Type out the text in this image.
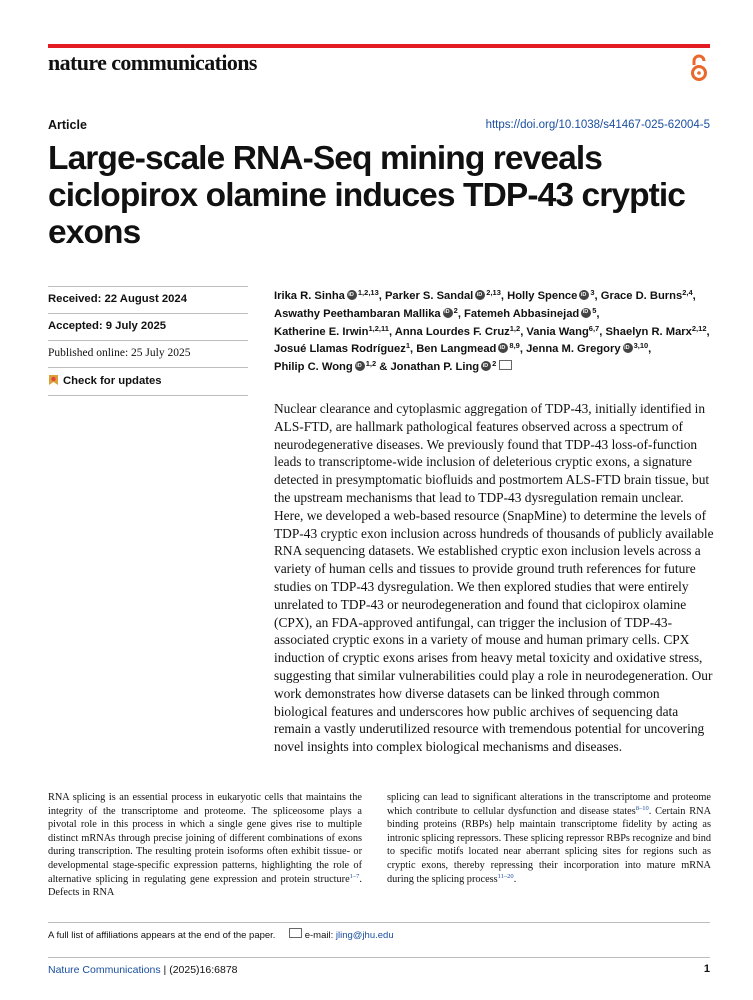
nature communications
Article	https://doi.org/10.1038/s41467-025-62004-5
Large-scale RNA-Seq mining reveals ciclopirox olamine induces TDP-43 cryptic exons
Received: 22 August 2024
Accepted: 9 July 2025
Published online: 25 July 2025
Check for updates
Irika R. Sinha iD $^{1,2,13}$, Parker S. Sandal iD $^{2,13}$, Holly Spence iD $^3$, Grace D. Burns$^{2,4}$, Aswathy Peethambaran Mallika iD $^2$, Fatemeh Abbasinejad iD $^5$, Katherine E. Irwin$^{1,2,11}$, Anna Lourdes F. Cruz$^{1,2}$, Vania Wang$^{6,7}$, Shaelyn R. Marx$^{2,12}$, Josué Llamas Rodríguez$^1$, Ben Langmead iD $^{8,9}$, Jenna M. Gregory iD $^{3,10}$, Philip C. Wong iD $^{1,2}$ & Jonathan P. Ling iD $^2$

Nuclear clearance and cytoplasmic aggregation of TDP-43, initially identified in ALS-FTD, are hallmark pathological features observed across a spectrum of neurodegenerative diseases. We previously found that TDP-43 loss-of-function leads to transcriptome-wide inclusion of deleterious cryptic exons, a signature detected in presymptomatic biofluids and postmortem ALS-FTD brain tissue, but the upstream mechanisms that lead to TDP-43 dysregulation remain unclear. Here, we developed a web-based resource (SnapMine) to determine the levels of TDP-43 cryptic exon inclusion across hundreds of thousands of publicly available RNA sequencing datasets. We established cryptic exon inclusion levels across a variety of human cells and tissues to provide ground truth references for future studies on TDP-43 dysregulation. We then explored studies that were entirely unrelated to TDP-43 or neurodegeneration and found that ciclopirox olamine (CPX), an FDA-approved antifungal, can trigger the inclusion of TDP-43-associated cryptic exons in a variety of mouse and human primary cells. CPX induction of cryptic exons arises from heavy metal toxicity and oxidative stress, suggesting that similar vulnerabilities could play a role in neurodegeneration. Our work demonstrates how diverse datasets can be linked through common biological features and underscores how public archives of sequencing data remain a vastly underutilized resource with tremendous potential for uncovering novel insights into complex biological mechanisms and diseases.

RNA splicing is an essential process in eukaryotic cells that maintains the integrity of the transcriptome and proteome. The spliceosome plays a pivotal role in this process in which a single gene gives rise to multiple distinct mRNAs through precise joining of different combinations of exons during transcription. The resulting protein isoforms often exhibit tissue- or developmental stage-specific expression patterns, highlighting the role of alternative splicing in regulating gene expression and protein structure$^{1-7}$. Defects in RNA

splicing can lead to significant alterations in the transcriptome and proteome which contribute to cellular dysfunction and disease states$^{8-10}$. Certain RNA binding proteins (RBPs) help maintain transcriptome fidelity by acting as intronic splicing repressors. These splicing repressor RBPs recognize and bind to specific motifs located near aberrant splicing sites for regions such as cryptic exons, thereby repressing their incorporation into mature mRNA during the splicing process$^{11-20}$.

A full list of affiliations appears at the end of the paper.	e-mail: jling@jhu.edu
Nature Communications | (2025)16:6878	1
